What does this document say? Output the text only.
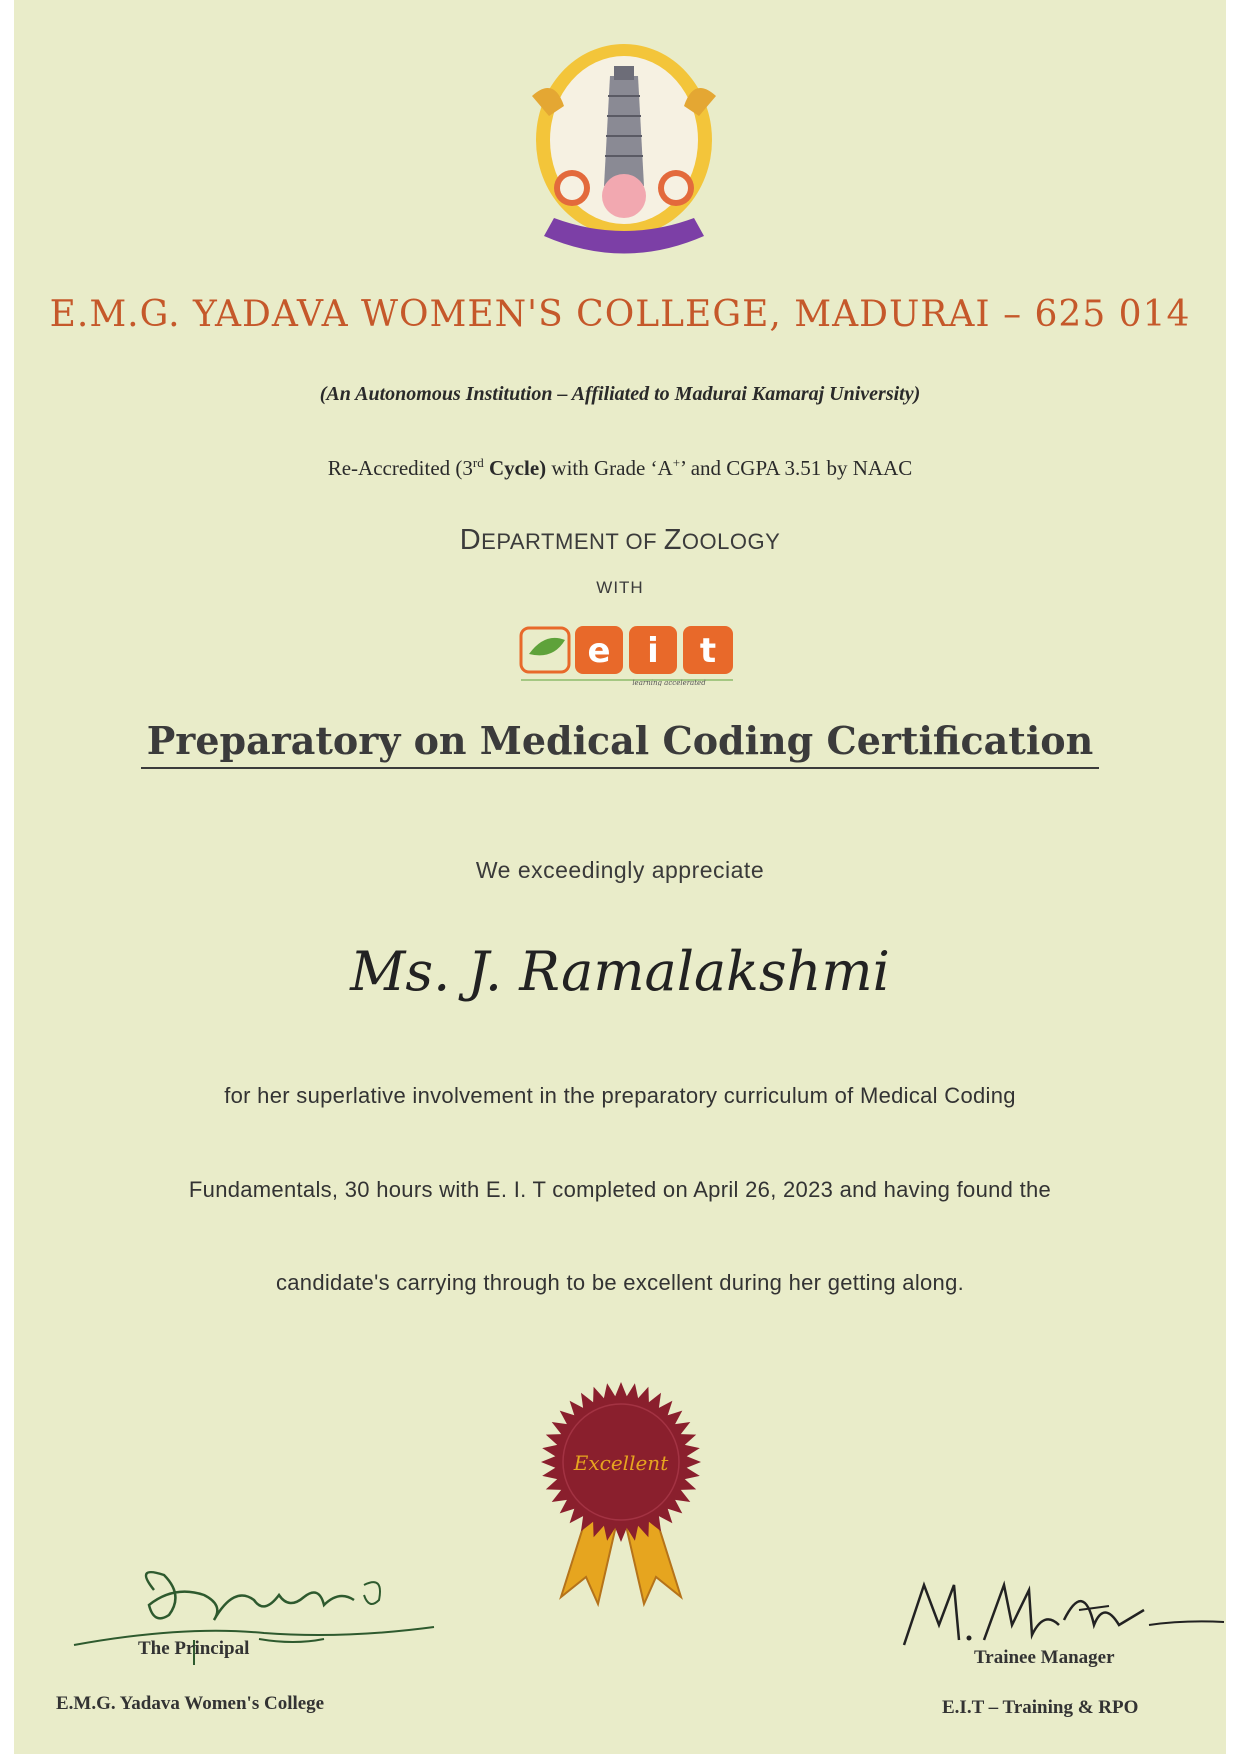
E.M.G. YADAVA WOMEN'S COLLEGE, MADURAI – 625 014
(An Autonomous Institution – Affiliated to Madurai Kamaraj University)
Re-Accredited (3rd Cycle) with Grade ‘A+’ and CGPA 3.51 by NAAC
DEPARTMENT OF ZOOLOGY
WITH
e i t
learning accelerated
Preparatory on Medical Coding Certification
We exceedingly appreciate
Ms. J. Ramalakshmi
for her superlative involvement in the preparatory curriculum of Medical Coding
Fundamentals, 30 hours with E. I. T completed on April 26, 2023 and having found the
candidate's carrying through to be excellent during her getting along.
Excellent
The Principal
E.M.G. Yadava Women's College
Trainee Manager
E.I.T – Training & RPO
